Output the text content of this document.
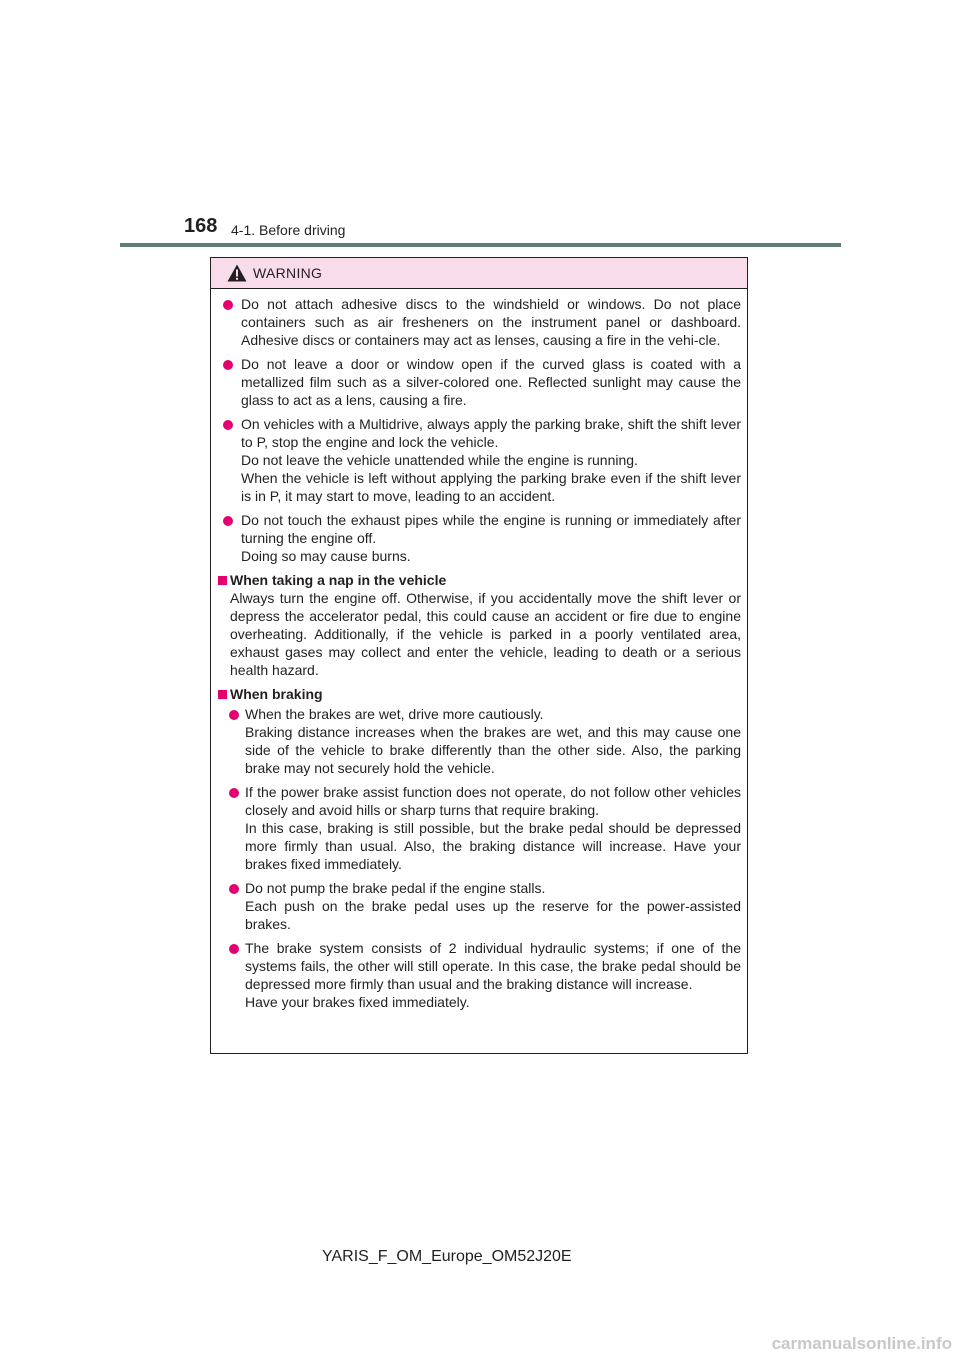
168 4-1. Before driving
WARNING

Do not attach adhesive discs to the windshield or windows. Do not place containers such as air fresheners on the instrument panel or dashboard. Adhesive discs or containers may act as lenses, causing a fire in the vehi-cle.

Do not leave a door or window open if the curved glass is coated with a metallized film such as a silver-colored one. Reflected sunlight may cause the glass to act as a lens, causing a fire.

On vehicles with a Multidrive, always apply the parking brake, shift the shift lever to P, stop the engine and lock the vehicle.
Do not leave the vehicle unattended while the engine is running.
When the vehicle is left without applying the parking brake even if the shift lever is in P, it may start to move, leading to an accident.

Do not touch the exhaust pipes while the engine is running or immediately after turning the engine off.
Doing so may cause burns.

When taking a nap in the vehicle

Always turn the engine off. Otherwise, if you accidentally move the shift lever or depress the accelerator pedal, this could cause an accident or fire due to engine overheating. Additionally, if the vehicle is parked in a poorly ventilated area, exhaust gases may collect and enter the vehicle, leading to death or a serious health hazard.

When braking

When the brakes are wet, drive more cautiously.
Braking distance increases when the brakes are wet, and this may cause one side of the vehicle to brake differently than the other side. Also, the parking brake may not securely hold the vehicle.

If the power brake assist function does not operate, do not follow other vehicles closely and avoid hills or sharp turns that require braking.
In this case, braking is still possible, but the brake pedal should be depressed more firmly than usual. Also, the braking distance will increase. Have your brakes fixed immediately.

Do not pump the brake pedal if the engine stalls.
Each push on the brake pedal uses up the reserve for the power-assisted brakes.

The brake system consists of 2 individual hydraulic systems; if one of the systems fails, the other will still operate. In this case, the brake pedal should be depressed more firmly than usual and the braking distance will increase.
Have your brakes fixed immediately.

YARIS_F_OM_Europe_OM52J20E
carmanualsonline.info
